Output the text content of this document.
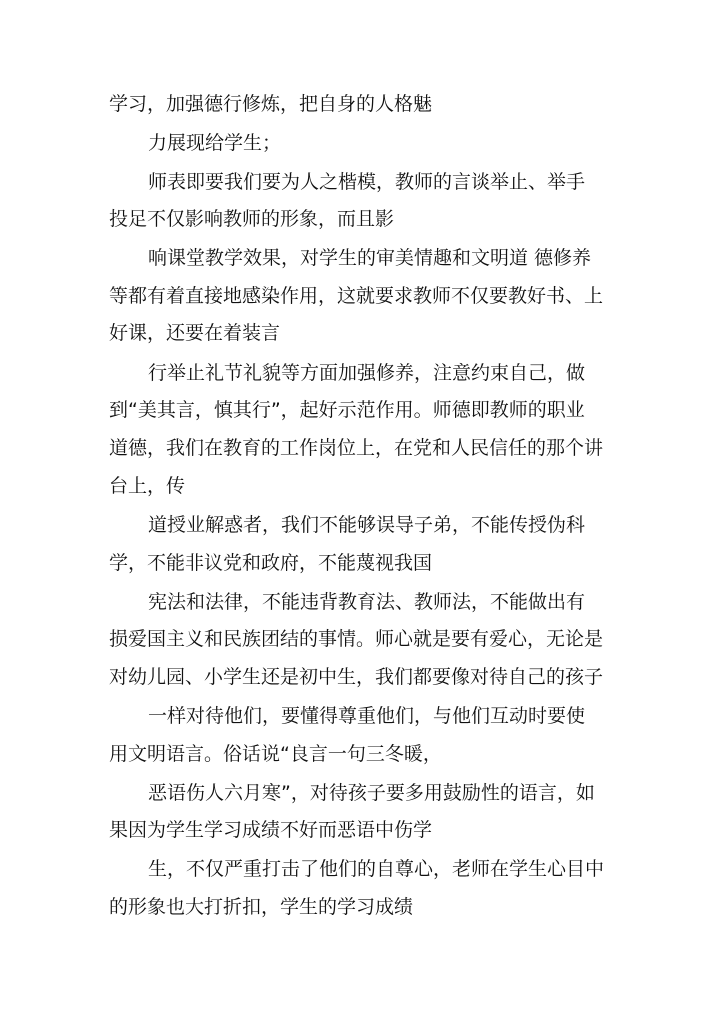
学习，加强德行修炼，把自身的人格魅
力展现给学生；
师表即要我们要为人之楷模，教师的言谈举止、举手
投足不仅影响教师的形象，而且影
响课堂教学效果，对学生的审美情趣和文明道 德修养
等都有着直接地感染作用，这就要求教师不仅要教好书、上
好课，还要在着装言
行举止礼节礼貌等方面加强修养，注意约束自己，做
到“美其言，慎其行”，起好示范作用。师德即教师的职业
道德，我们在教育的工作岗位上，在党和人民信任的那个讲
台上，传
道授业解惑者，我们不能够误导子弟，不能传授伪科
学，不能非议党和政府，不能蔑视我国
宪法和法律，不能违背教育法、教师法，不能做出有
损爱国主义和民族团结的事情。师心就是要有爱心，无论是
对幼儿园、小学生还是初中生，我们都要像对待自己的孩子
一样对待他们，要懂得尊重他们，与他们互动时要使
用文明语言。俗话说“良言一句三冬暖，
恶语伤人六月寒”，对待孩子要多用鼓励性的语言，如
果因为学生学习成绩不好而恶语中伤学
生，不仅严重打击了他们的自尊心，老师在学生心目中
的形象也大打折扣，学生的学习成绩
